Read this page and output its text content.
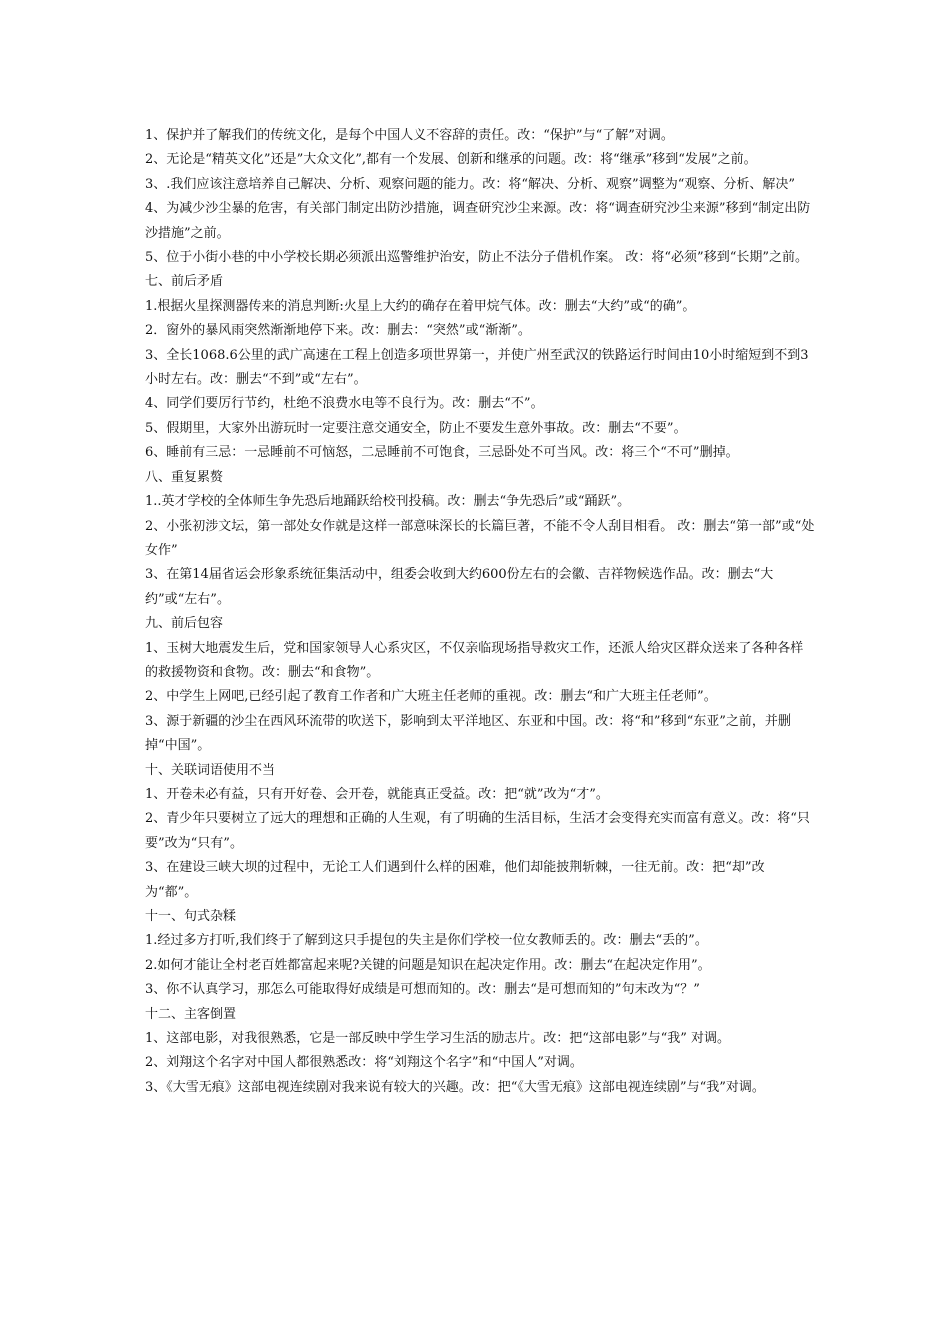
1、保护并了解我们的传统文化，是每个中国人义不容辞的责任。改：“保护”与“了解”对调。

2、无论是“精英文化”还是”大众文化”,都有一个发展、创新和继承的问题。改：将“继承”移到“发展”之前。

3、.我们应该注意培养自己解决、分析、观察问题的能力。改：将“解决、分析、观察”调整为“观察、分析、解决”

4、为减少沙尘暴的危害，有关部门制定出防沙措施，调查研究沙尘来源。改：将“调查研究沙尘来源”移到“制定出防沙措施”之前。

5、位于小街小巷的中小学校长期必须派出巡警维护治安，防止不法分子借机作案。 改：将“必须”移到“长期”之前。

七、前后矛盾

1.根据火星探测器传来的消息判断:火星上大约的确存在着甲烷气体。改：删去“大约”或“的确”。

2．窗外的暴风雨突然渐渐地停下来。改：删去：“突然”或“渐渐”。

3、全长1068.6公里的武广高速在工程上创造多项世界第一，并使广州至武汉的铁路运行时间由10小时缩短到不到3小时左右。改：删去“不到”或“左右”。

4、同学们要厉行节约，杜绝不浪费水电等不良行为。改：删去“不”。

5、假期里，大家外出游玩时一定要注意交通安全，防止不要发生意外事故。改：删去“不要”。

6、睡前有三忌：一忌睡前不可恼怒，二忌睡前不可饱食，三忌卧处不可当风。改：将三个“不可”删掉。

八、重复累赘

1..英才学校的全体师生争先恐后地踊跃给校刊投稿。改：删去“争先恐后”或“踊跃”。

2、小张初涉文坛，第一部处女作就是这样一部意味深长的长篇巨著，不能不令人刮目相看。 改：删去“第一部”或“处女作”

3、在第14届省运会形象系统征集活动中，组委会收到大约600份左右的会徽、吉祥物候选作品。改：删去“大约”或“左右”。

九、前后包容

1、玉树大地震发生后，党和国家领导人心系灾区，不仅亲临现场指导救灾工作，还派人给灾区群众送来了各种各样的救援物资和食物。改：删去“和食物”。

2、中学生上网吧,已经引起了教育工作者和广大班主任老师的重视。改：删去“和广大班主任老师”。

3、源于新疆的沙尘在西风环流带的吹送下，影响到太平洋地区、东亚和中国。改：将“和”移到“东亚”之前，并删掉“中国”。

十、关联词语使用不当

1、开卷未必有益，只有开好卷、会开卷，就能真正受益。改：把“就”改为“才”。

2、青少年只要树立了远大的理想和正确的人生观，有了明确的生活目标，生活才会变得充实而富有意义。改：将“只要”改为“只有”。

3、在建设三峡大坝的过程中，无论工人们遇到什么样的困难，他们却能披荆斩棘，一往无前。改：把“却”改为“都”。

十一、句式杂糅

1.经过多方打听,我们终于了解到这只手提包的失主是你们学校一位女教师丢的。改：删去“丢的”。

2.如何才能让全村老百姓都富起来呢?关键的问题是知识在起决定作用。改：删去“在起决定作用”。

3、你不认真学习，那怎么可能取得好成绩是可想而知的。改：删去“是可想而知的”句末改为“？”

十二、主客倒置

1、这部电影，对我很熟悉，它是一部反映中学生学习生活的励志片。改：把“这部电影”与“我” 对调。

2、刘翔这个名字对中国人都很熟悉改：将“刘翔这个名字”和“中国人”对调。

3、《大雪无痕》这部电视连续剧对我来说有较大的兴趣。改：把“《大雪无痕》这部电视连续剧”与“我”对调。
